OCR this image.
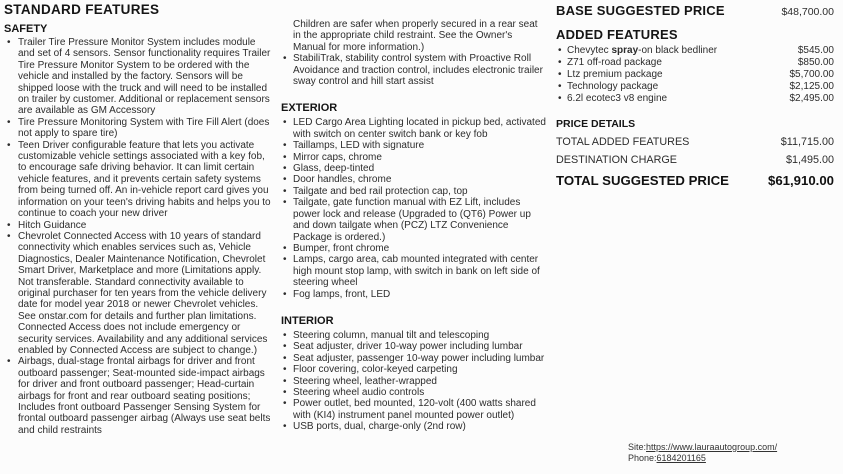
STANDARD FEATURES
SAFETY
• Trailer Tire Pressure Monitor System includes module and set of 4 sensors. Sensor functionality requires Trailer Tire Pressure Monitor System to be ordered with the vehicle and installed by the factory. Sensors will be shipped loose with the truck and will need to be installed on trailer by customer. Additional or replacement sensors are available as GM Accessory
• Tire Pressure Monitoring System with Tire Fill Alert (does not apply to spare tire)
• Teen Driver configurable feature that lets you activate customizable vehicle settings associated with a key fob, to encourage safe driving behavior. It can limit certain vehicle features, and it prevents certain safety systems from being turned off. An in-vehicle report card gives you information on your teen's driving habits and helps you to continue to coach your new driver
• Hitch Guidance
• Chevrolet Connected Access with 10 years of standard connectivity which enables services such as, Vehicle Diagnostics, Dealer Maintenance Notification, Chevrolet Smart Driver, Marketplace and more (Limitations apply. Not transferable. Standard connectivity available to original purchaser for ten years from the vehicle delivery date for model year 2018 or newer Chevrolet vehicles. See onstar.com for details and further plan limitations. Connected Access does not include emergency or security services. Availability and any additional services enabled by Connected Access are subject to change.)
• Airbags, dual-stage frontal airbags for driver and front outboard passenger; Seat-mounted side-impact airbags for driver and front outboard passenger; Head-curtain airbags for front and rear outboard seating positions; Includes front outboard Passenger Sensing System for frontal outboard passenger airbag (Always use seat belts and child restraints

Children are safer when properly secured in a rear seat in the appropriate child restraint. See the Owner's Manual for more information.)

• StabiliTrak, stability control system with Proactive Roll Avoidance and traction control, includes electronic trailer sway control and hill start assist
EXTERIOR
• LED Cargo Area Lighting located in pickup bed, activated with switch on center switch bank or key fob
• Taillamps, LED with signature
• Mirror caps, chrome
• Glass, deep-tinted
• Door handles, chrome
• Tailgate and bed rail protection cap, top
• Tailgate, gate function manual with EZ Lift, includes power lock and release (Upgraded to (QT6) Power up and down tailgate when (PCZ) LTZ Convenience Package is ordered.)
• Bumper, front chrome
• Lamps, cargo area, cab mounted integrated with center high mount stop lamp, with switch in bank on left side of steering wheel
• Fog lamps, front, LED
INTERIOR
• Steering column, manual tilt and telescoping
• Seat adjuster, driver 10-way power including lumbar
• Seat adjuster, passenger 10-way power including lumbar
• Floor covering, color-keyed carpeting
• Steering wheel, leather-wrapped
• Steering wheel audio controls
• Power outlet, bed mounted, 120-volt (400 watts shared with (KI4) instrument panel mounted power outlet)
• USB ports, dual, charge-only (2nd row)
BASE SUGGESTED PRICE	$48,700.00
ADDED FEATURES
• Chevytec spray-on black bedliner	$545.00
• Z71 off-road package	$850.00
• Ltz premium package	$5,700.00
• Technology package	$2,125.00
• 6.2l ecotec3 v8 engine	$2,495.00
PRICE DETAILS
TOTAL ADDED FEATURES	$11,715.00
DESTINATION CHARGE	$1,495.00
TOTAL SUGGESTED PRICE	$61,910.00
Site:https://www.lauraautogroup.com/
Phone:6184201165
